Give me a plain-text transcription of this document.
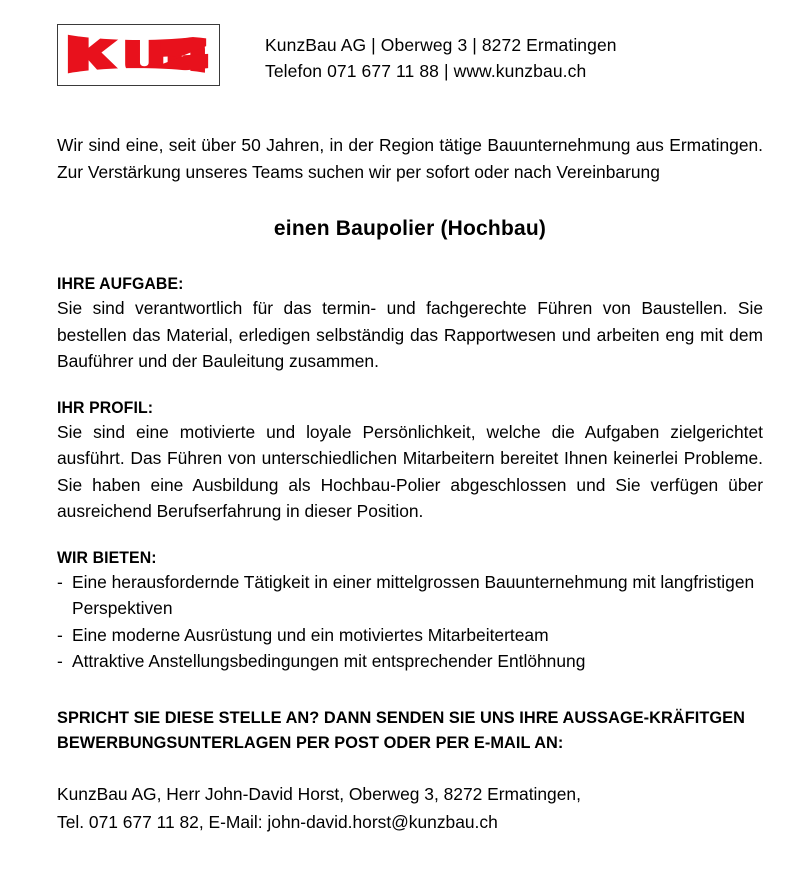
KunzBau AG | Oberweg 3 | 8272 Ermatingen
Telefon 071 677 11 88 | www.kunzbau.ch

Wir sind eine, seit über 50 Jahren, in der Region tätige Bauunternehmung aus Ermatingen. Zur Verstärkung unseres Teams suchen wir per sofort oder nach Vereinbarung

einen Baupolier (Hochbau)
IHRE AUFGABE:

Sie sind verantwortlich für das termin- und fachgerechte Führen von Baustellen. Sie bestellen das Material, erledigen selbständig das Rapportwesen und arbeiten eng mit dem Bauführer und der Bauleitung zusammen.

IHR PROFIL:

Sie sind eine motivierte und loyale Persönlichkeit, welche die Aufgaben zielgerichtet ausführt. Das Führen von unterschiedlichen Mitarbeitern bereitet Ihnen keinerlei Probleme. Sie haben eine Ausbildung als Hochbau-Polier abgeschlossen und Sie verfügen über ausreichend Berufserfahrung in dieser Position.

WIR BIETEN:
- Eine herausfordernde Tätigkeit in einer mittelgrossen Bauunternehmung mit langfristigen Perspektiven
- Eine moderne Ausrüstung und ein motiviertes Mitarbeiterteam
- Attraktive Anstellungsbedingungen mit entsprechender Entlöhnung
SPRICHT SIE DIESE STELLE AN? DANN SENDEN SIE UNS IHRE AUSSAGE-KRÄFITGEN
BEWERBUNGSUNTERLAGEN PER POST ODER PER E-MAIL AN:
KunzBau AG, Herr John-David Horst, Oberweg 3, 8272 Ermatingen,
Tel. 071 677 11 82, E-Mail: john-david.horst@kunzbau.ch
